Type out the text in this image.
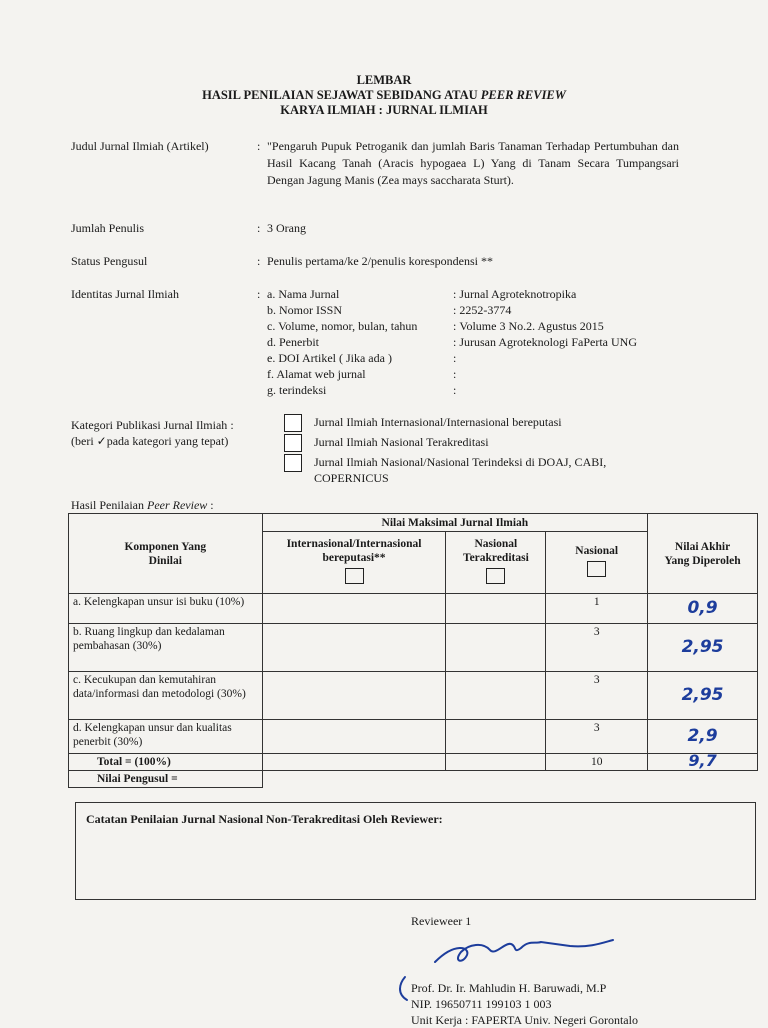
LEMBAR
HASIL PENILAIAN SEJAWAT SEBIDANG ATAU PEER REVIEW
KARYA ILMIAH : JURNAL ILMIAH
Judul Jurnal Ilmiah (Artikel)	: "Pengaruh Pupuk Petroganik dan jumlah Baris Tanaman Terhadap Pertumbuhan dan Hasil Kacang Tanah (Aracis hypogaea L) Yang di Tanam Secara Tumpangsari Dengan Jagung Manis (Zea mays saccharata Sturt).
Jumlah Penulis	: 3 Orang
Status Pengusul	: Penulis pertama/ke 2/penulis korespondensi **
Identitas Jurnal Ilmiah	: a. Nama Jurnal	: Jurnal Agroteknotropika
b. Nomor ISSN	: 2252-3774
c. Volume, nomor, bulan, tahun	: Volume 3 No.2. Agustus 2015
d. Penerbit	: Jurusan Agroteknologi FaPerta UNG
e. DOI Artikel ( Jika ada )	:
f. Alamat web jurnal	:
g. terindeksi	:
Kategori Publikasi Jurnal Ilmiah :
(beri ✓pada kategori yang tepat)
Jurnal Ilmiah Internasional/Internasional bereputasi
Jurnal Ilmiah Nasional Terakreditasi
Jurnal Ilmiah Nasional/Nasional Terindeksi di DOAJ, CABI, COPERNICUS
Hasil Penilaian Peer Review :
Komponen Yang Dinilai	Nilai Maksimal Jurnal Ilmiah			Nilai Akhir Yang Diperoleh

	Internasional/Internasional bereputasi**	Nasional Terakreditasi	Nasional	

a. Kelengkapan unsur isi buku (10%)			1	0,9
b. Ruang lingkup dan kedalaman pembahasan (30%)			3	2,95
c. Kecukupan dan kemutahiran data/informasi dan metodologi (30%)			3	2,95
d. Kelengkapan unsur dan kualitas penerbit (30%)			3	2,9
Total = (100%)			10	9,7
Nilai Pengusul =				
Catatan Penilaian Jurnal Nasional Non-Terakreditasi Oleh Reviewer:
Revieweer 1
Prof. Dr. Ir. Mahludin H. Baruwadi, M.P
NIP. 19650711 199103 1 003
Unit Kerja : FAPERTA Univ. Negeri Gorontalo
